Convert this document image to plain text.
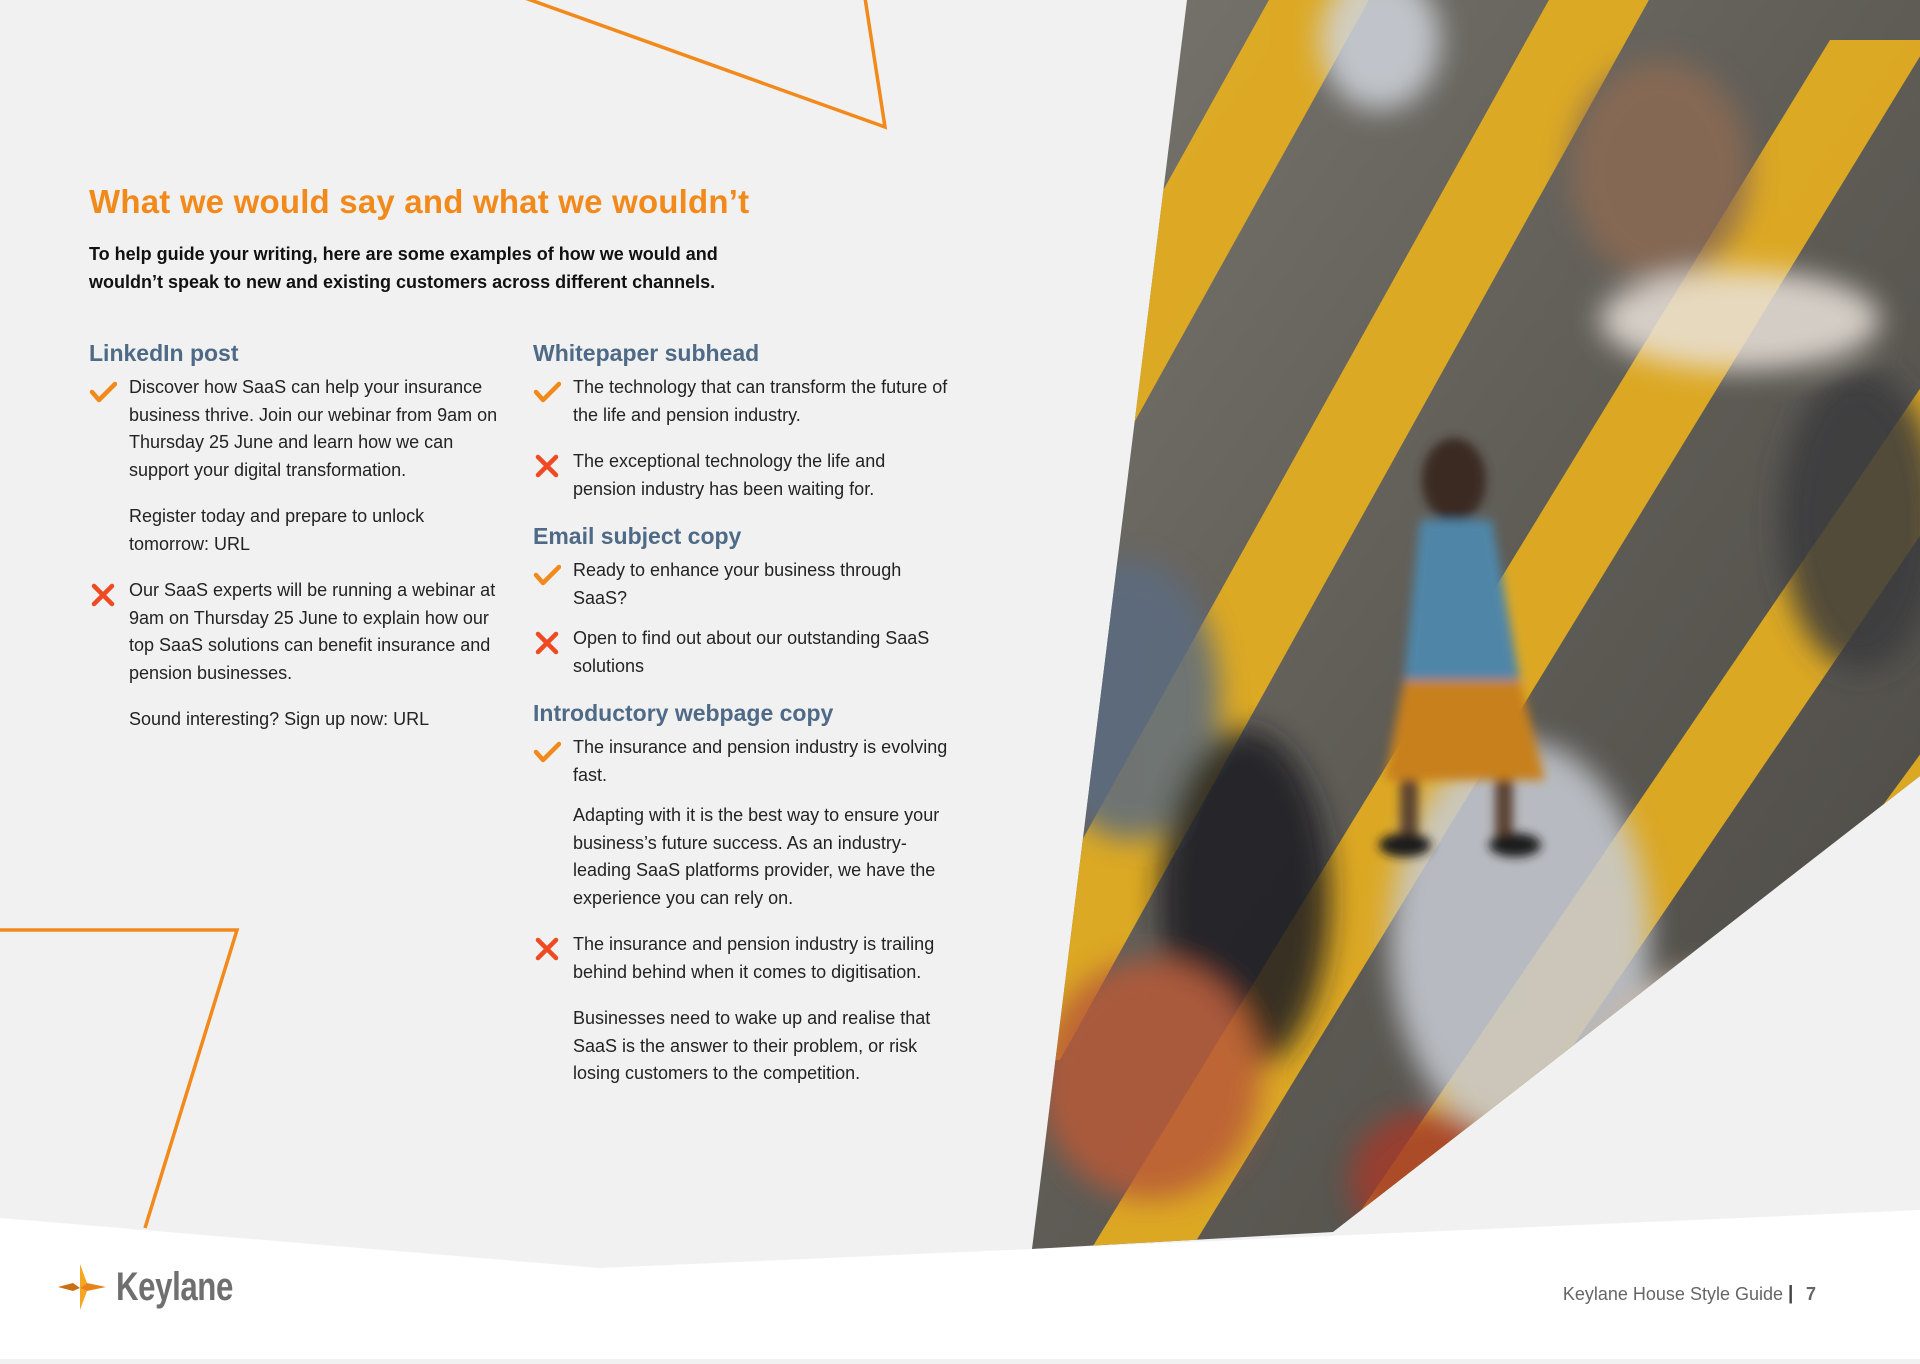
What we would say and what we wouldn’t

To help guide your writing, here are some examples of how we would and wouldn’t speak to new and existing customers across different channels.

LinkedIn post

Discover how SaaS can help your insurance business thrive. Join our webinar from 9am on Thursday 25 June and learn how we can support your digital transformation.

Register today and prepare to unlock tomorrow: URL

Our SaaS experts will be running a webinar at 9am on Thursday 25 June to explain how our top SaaS solutions can benefit insurance and pension businesses.

Sound interesting? Sign up now: URL

Whitepaper subhead

The technology that can transform the future of the life and pension industry.

The exceptional technology the life and pension industry has been waiting for.

Email subject copy

Ready to enhance your business through SaaS?

Open to find out about our outstanding SaaS solutions

Introductory webpage copy

The insurance and pension industry is evolving fast.

Adapting with it is the best way to ensure your business’s future success. As an industry-leading SaaS platforms provider, we have the experience you can rely on.

The insurance and pension industry is trailing behind behind when it comes to digitisation.

Businesses need to wake up and realise that SaaS is the answer to their problem, or risk losing customers to the competition.

Keylane	Keylane House Style Guide | 7
